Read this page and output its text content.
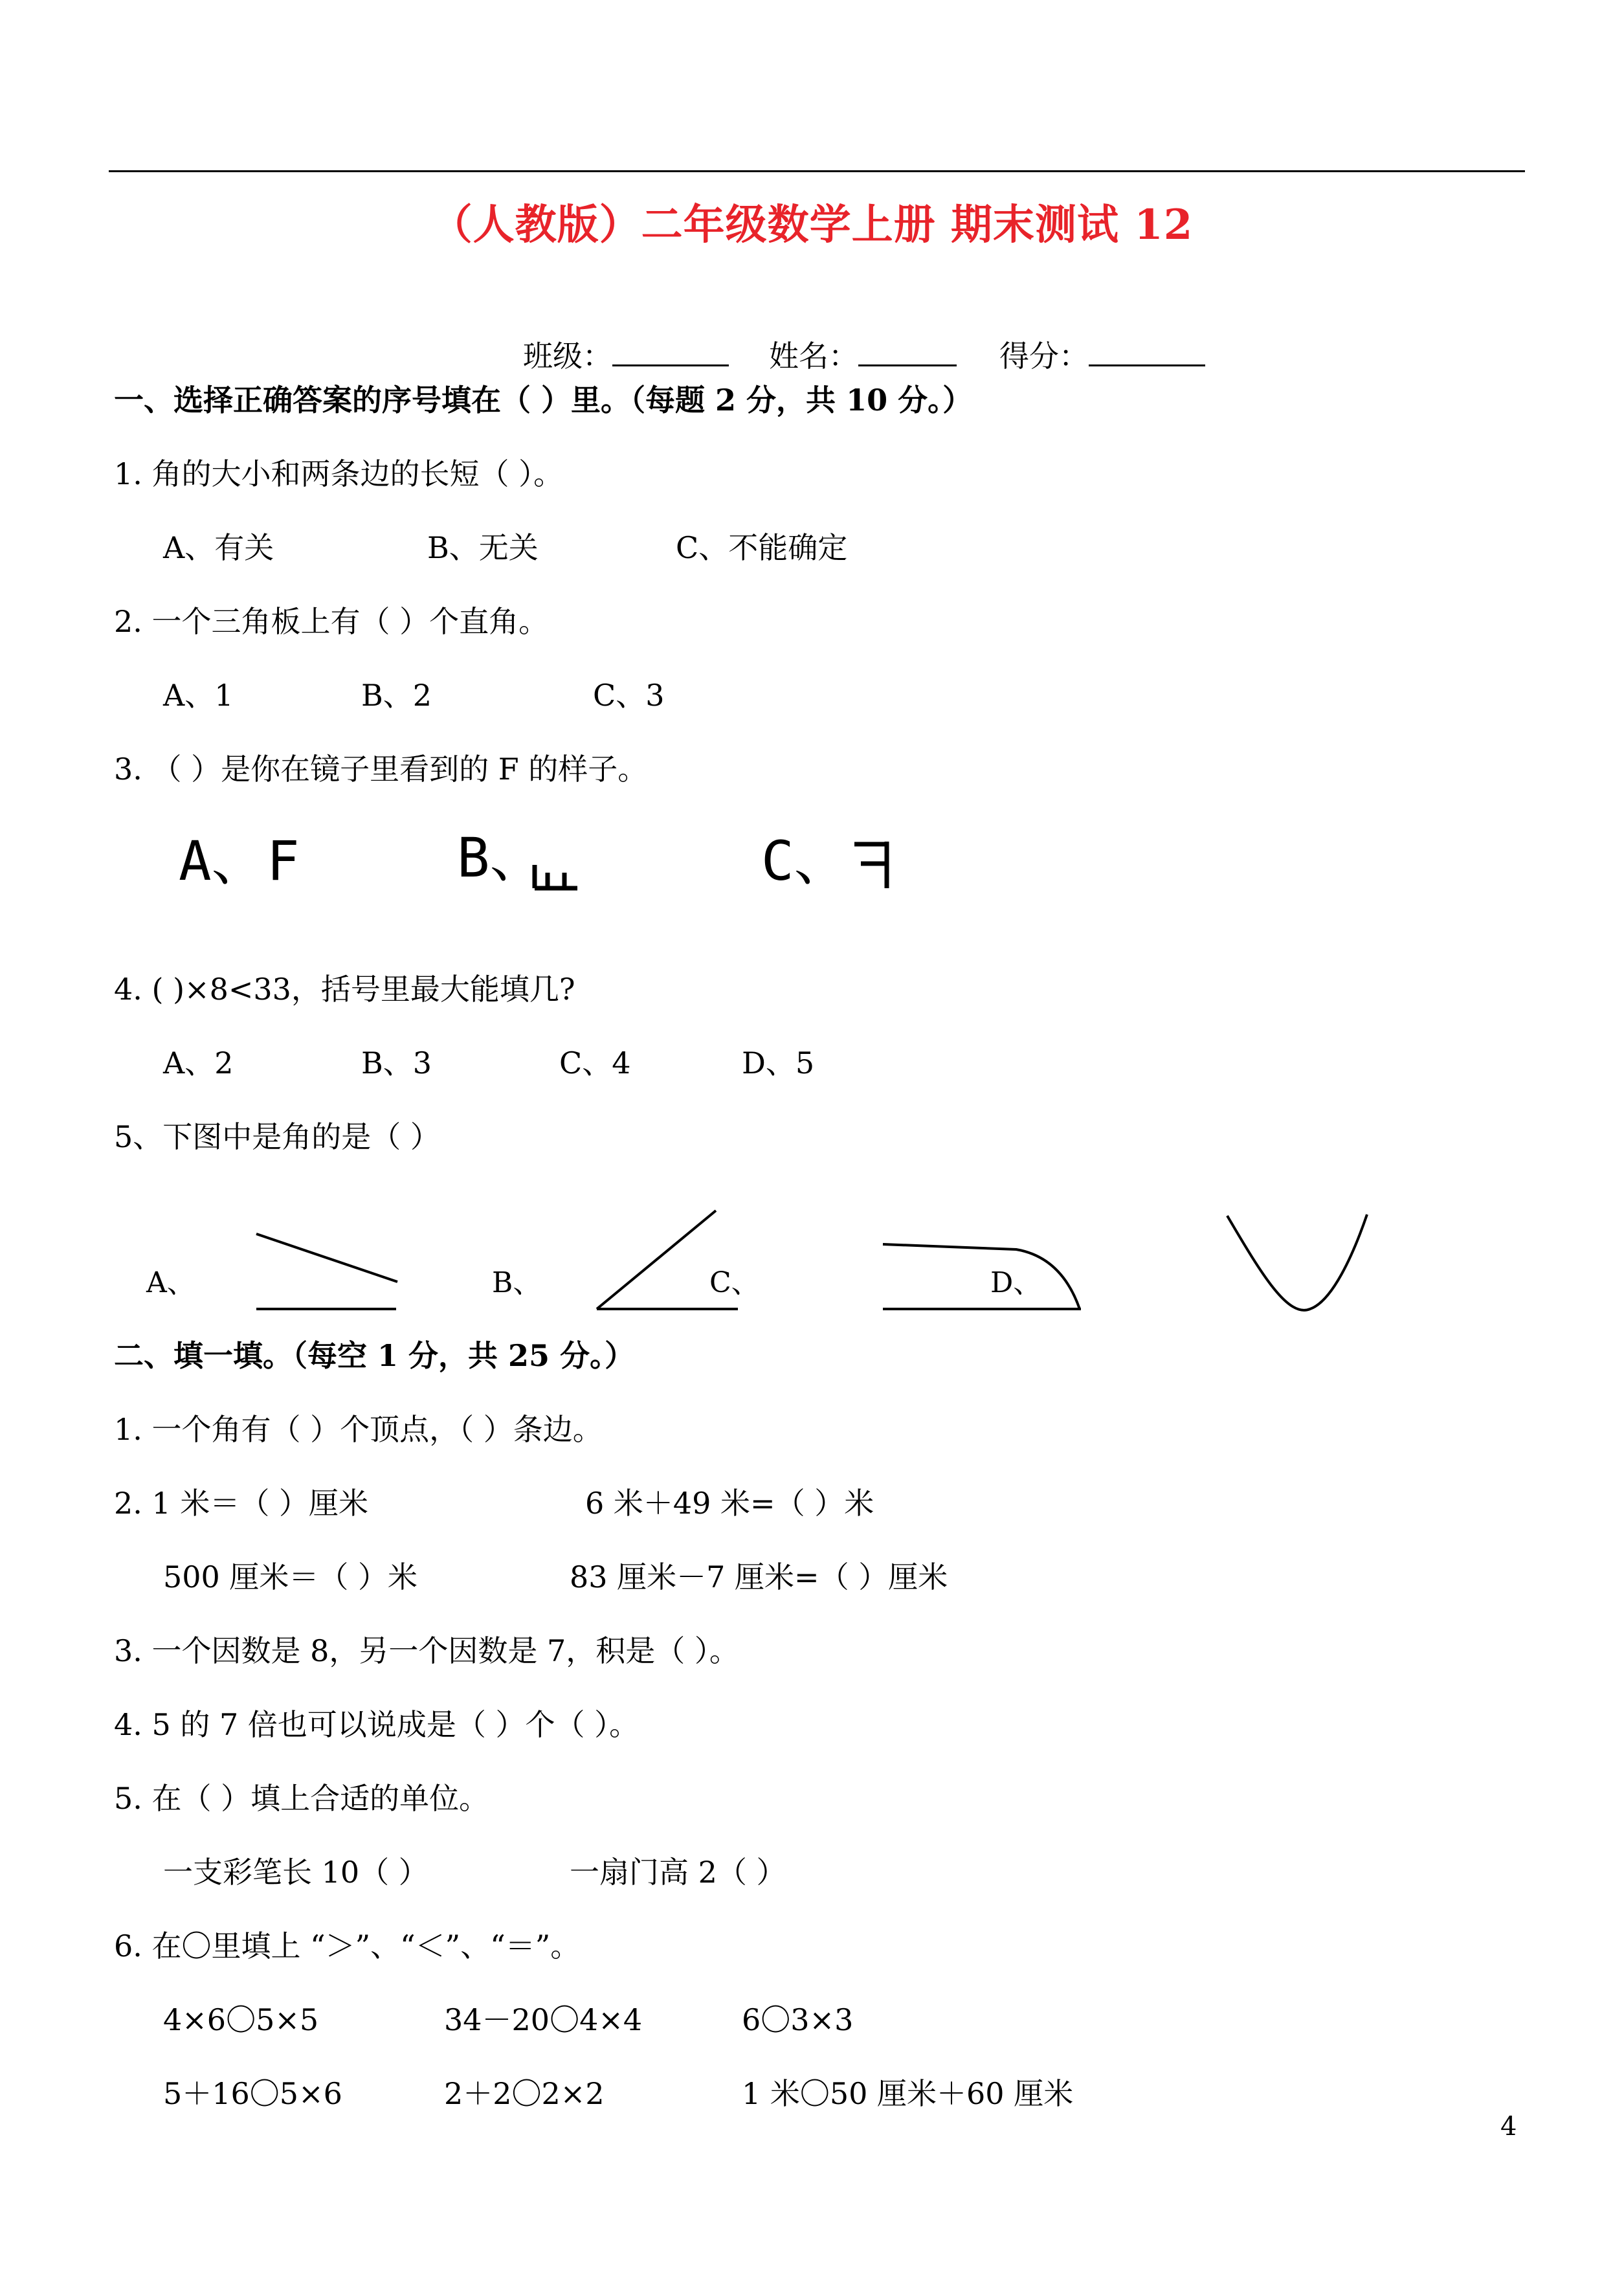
（人教版）二年级数学上册 期末测试 12
班级：	姓名：	得分：
一、选择正确答案的序号填在（ ）里。（每题 2 分，共 10 分。）
1. 角的大小和两条边的长短（ ）。
A、有关	B、无关	C、不能确定
2. 一个三角板上有（ ）个直角。
A、1	B、2	C、3
3. （ ）是你在镜子里看到的 F 的样子。
A、 F	B、	C、
4. ( )×8<33，括号里最大能填几?
A、2	B、3	C、4	D、5
5、下图中是角的是（ ）
A、	B、	C、	D、
二、填一填。（每空 1 分，共 25 分。）
1. 一个角有（ ）个顶点，（ ）条边。
2. 1 米＝（ ）厘米	6 米＋49 米=（ ）米
500 厘米＝（ ）米	83 厘米－7 厘米=（ ）厘米
3. 一个因数是 8，另一个因数是 7，积是（ ）。
4. 5 的 7 倍也可以说成是（ ）个（ ）。
5. 在（ ）填上合适的单位。
一支彩笔长 10（ ）	一扇门高 2（ ）
6. 在〇里填上 “＞”、“＜”、“＝”。
4×6〇5×5	34－20〇4×4	6〇3×3
5＋16〇5×6	2＋2〇2×2	1 米〇50 厘米＋60 厘米
4
